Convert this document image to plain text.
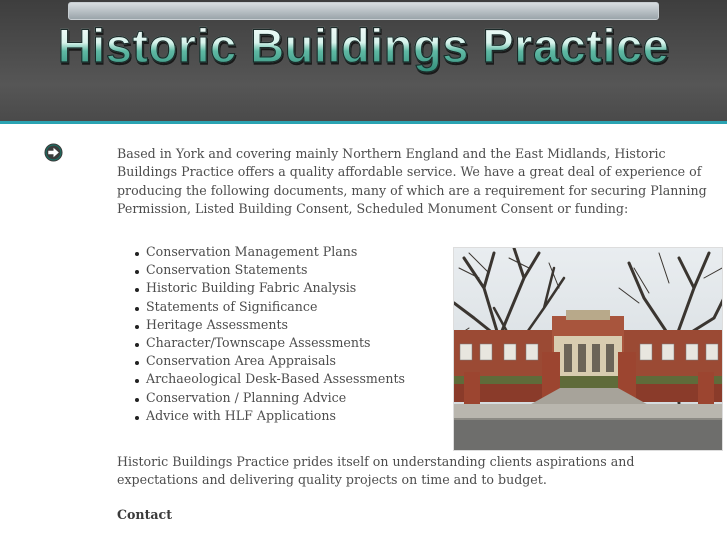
Historic Buildings Practice
Based in York and covering mainly Northern England and the East Midlands, Historic Buildings Practice offers a quality affordable service. We have a great deal of experience of producing the following documents, many of which are a requirement for securing Planning Permission, Listed Building Consent, Scheduled Monument Consent or funding:
Conservation Management Plans
Conservation Statements
Historic Building Fabric Analysis
Statements of Significance
Heritage Assessments
Character/Townscape Assessments
Conservation Area Appraisals
Archaeological Desk-Based Assessments
Conservation / Planning Advice
Advice with HLF Applications
Historic Buildings Practice prides itself on understanding clients aspirations and expectations and delivering quality projects on time and to budget.
Contact
